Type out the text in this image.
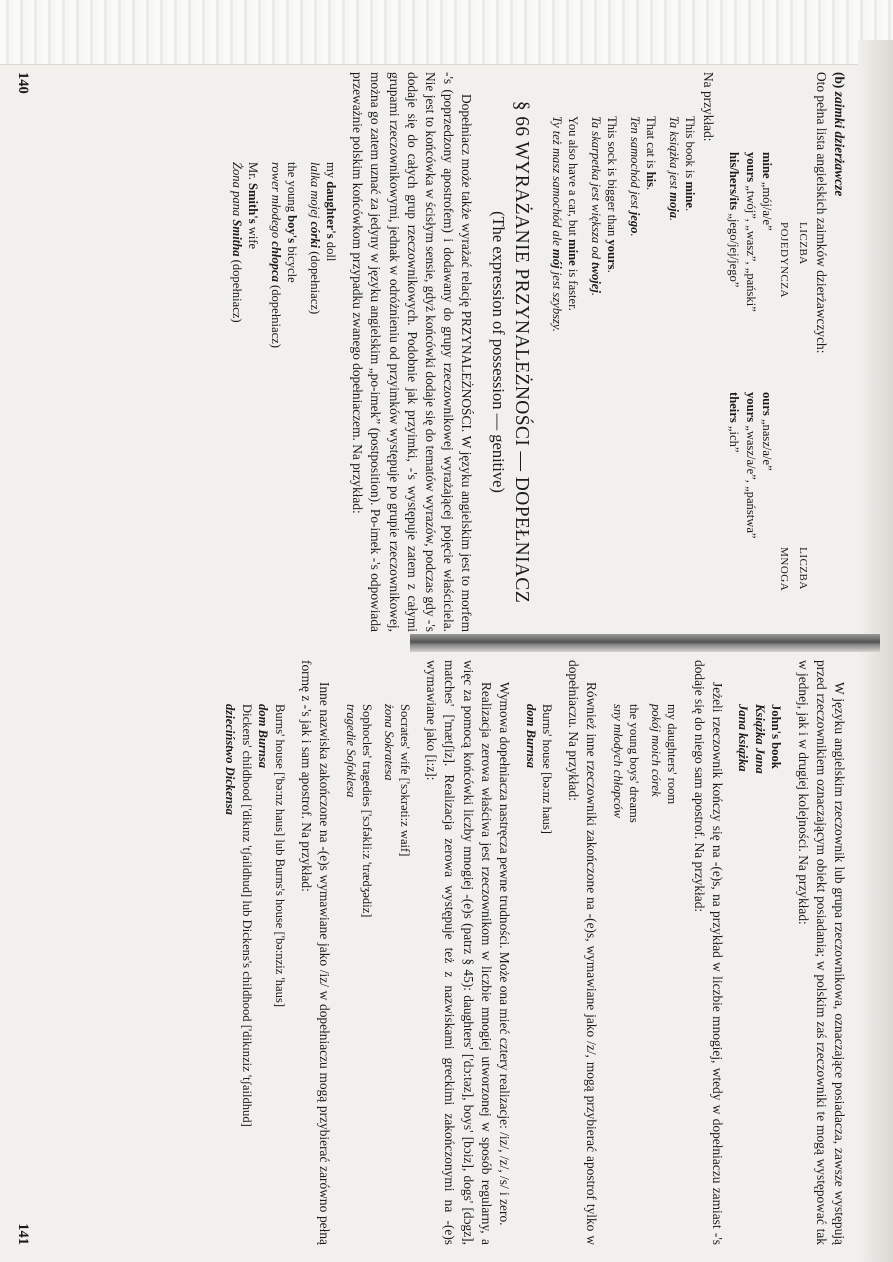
(b) zaimki dzierżawcze

Oto pełna lista angielskich zaimków dzierżawczych:

LICZBA POJEDYNCZA
LICZBA MNOGA
mine „mój/a/e”
ours „nasz/a/e”
yours „twój”, „wasz”, „pański”
yours „wasz/a/e”, „państwa”
his/hers/its „jego/jej/jego”
theirs „ich”

Na przykład:

This book is mine.
Ta książka jest moja.
That cat is his.
Ten samochód jest jego.
This sock is bigger than yours.
Ta skarpetka jest większa od twojej.
You also have a car, but mine is faster.
Ty też masz samochód ale mój jest szybszy.
§ 66 WYRAŻANIE PRZYNALEŻNOŚCI — DOPEŁNIACZ
(The expression of possession — genitive)

Dopełniacz może także wyrażać relację PRZYNALEŻNOŚCI. W języku angielskim jest to morfem -'s (poprzedzony apostrofem) i dodawany do grupy rzeczownikowej wyrażającej pojęcie właściciela. Nie jest to końcówka w ścisłym sensie, gdyż końcówki dodaje się do tematów wyrazów, podczas gdy -'s dodaje się do całych grup rzeczownikowych. Podobnie jak przyimki, -'s występuje zatem z całymi grupami rzeczownikowymi, jednak w odróżnieniu od przyimków występuje po grupie rzeczownikowej, można go zatem uznać za jedyny w języku angielskim „po-imek” (postposition). Po-imek -'s odpowiada przeważnie polskim końcówkom przypadku zwanego dopełniaczem. Na przykład:

my daughter's doll
lalka mojej córki (dopełniacz)
the young boy's bicycle
rower młodego chłopca (dopełniacz)
Mr. Smith's wife
Żona pana Smitha (dopełniacz)
140

W języku angielskim rzeczownik lub grupa rzeczownikowa, oznaczające posiadacza, zawsze występują przed rzeczownikiem oznaczającym obiekt posiadania; w polskim zaś rzeczowniki te mogą występować tak w jednej, jak i w drugiej kolejności. Na przykład:

John's book
Książka Jana
Jana książka

Jeżeli rzeczownik kończy się na -(e)s, na przykład w liczbie mnogiej, wtedy w dopełniaczu zamiast -'s dodaje się do niego sam apostrof. Na przykład:

my daughters' room
pokój moich córek
the young boys' dreams
sny młodych chłopców

Również inne rzeczowniki zakończone na -(e)s, wymawiane jako /z/, mogą przybierać apostrof tylko w dopełniaczu. Na przykład:

Burns' house [bə:nz haus]
dom Burnsa

Wymowa dopełniacza nastręcza pewne trudności. Może ona mieć cztery realizacje: /iz/, /z/, /s/ i zero.

Realizacja zerowa właściwa jest rzeczownikom w liczbie mnogiej utworzonej w sposób regularny, a więc za pomocą końcówki liczby mnogiej -(e)s (patrz § 45): daughters' ['dɔ:təz], boys' [bɔiz], dogs' [dɔgz], matches' ['mætʃiz]. Realizacja zerowa występuje też z nazwiskami greckimi zakończonymi na -(e)s wymawiane jako [i:z]:

Socrates' wife ['sɔkrəti:z waif]
żona Sokratesa
Sophocles' tragedies ['sɔfəkli:z 'trædʒədiz]
tragedie Sofoklesa

Inne nazwiska zakończone na -(e)s wymawiane jako /iz/ w dopełniaczu mogą przybierać zarówno pełną formę z -'s jak i sam apostrof. Na przykład:

Burns' house ['bə:nz haus] lub Burns's house ['bə:nziz 'haus]
dom Burnsa
Dickens' childhood ['dikınz 'tʃaildhud] lub Dickens's childhood ['dikınziz 'tʃaildhud]
dzieciństwo Dickensa
141
